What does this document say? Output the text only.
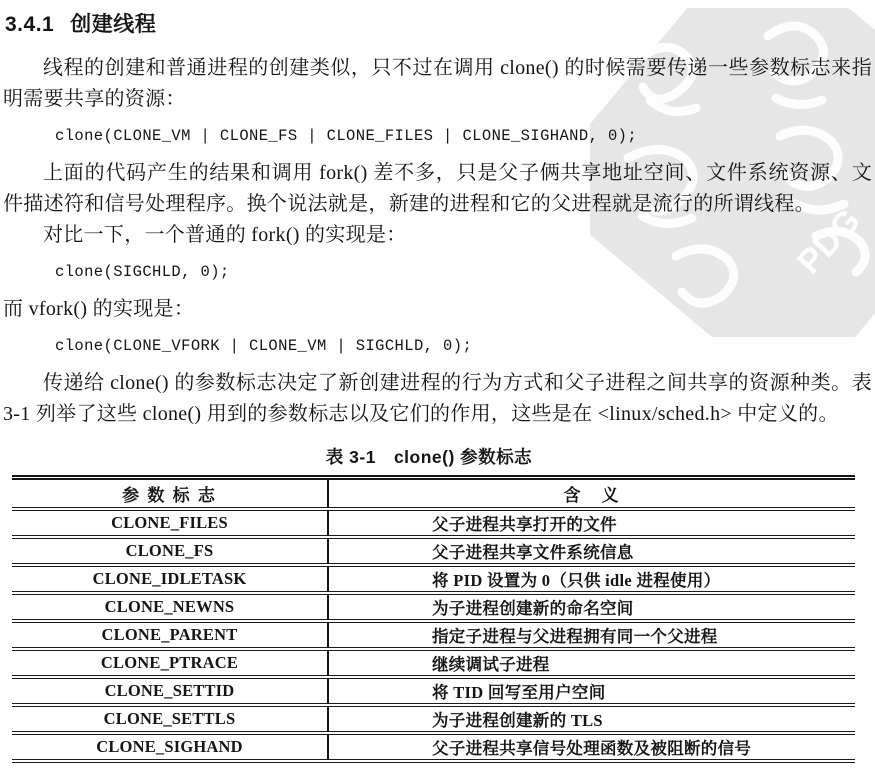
PDG
3.4.1 创建线程

线程的创建和普通进程的创建类似，只不过在调用 clone() 的时候需要传递一些参数标志来指明需要共享的资源：

clone(CLONE_VM | CLONE_FS | CLONE_FILES | CLONE_SIGHAND, 0);

上面的代码产生的结果和调用 fork() 差不多，只是父子俩共享地址空间、文件系统资源、文件描述符和信号处理程序。换个说法就是，新建的进程和它的父进程就是流行的所谓线程。

对比一下，一个普通的 fork() 的实现是：

clone(SIGCHLD, 0);

而 vfork() 的实现是：

clone(CLONE_VFORK | CLONE_VM | SIGCHLD, 0);

传递给 clone() 的参数标志决定了新创建进程的行为方式和父子进程之间共享的资源种类。表 3-1 列举了这些 clone() 用到的参数标志以及它们的作用，这些是在 <linux/sched.h> 中定义的。

表 3-1　clone() 参数标志
参 数 标 志	含　义
CLONE_FILES	父子进程共享打开的文件
CLONE_FS	父子进程共享文件系统信息
CLONE_IDLETASK	将 PID 设置为 0（只供 idle 进程使用）
CLONE_NEWNS	为子进程创建新的命名空间
CLONE_PARENT	指定子进程与父进程拥有同一个父进程
CLONE_PTRACE	继续调试子进程
CLONE_SETTID	将 TID 回写至用户空间
CLONE_SETTLS	为子进程创建新的 TLS
CLONE_SIGHAND	父子进程共享信号处理函数及被阻断的信号
